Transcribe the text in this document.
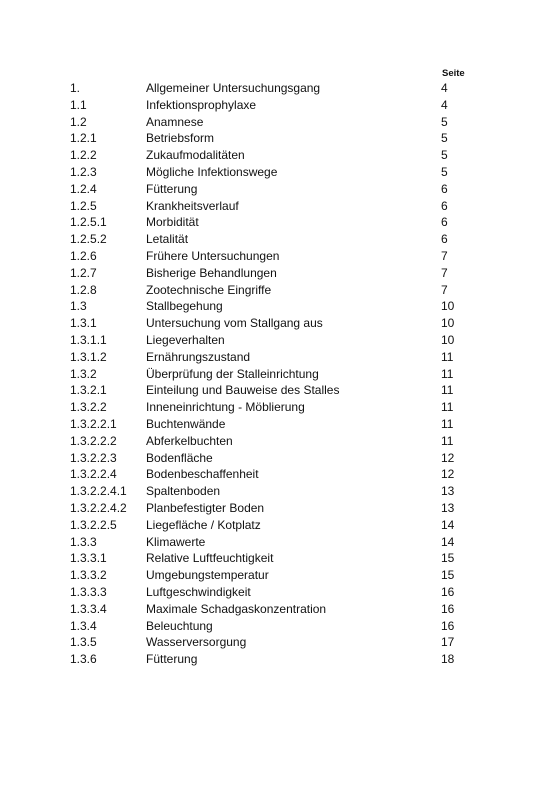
Seite
1.	Allgemeiner Untersuchungsgang	4
1.1	Infektionsprophylaxe	4
1.2	Anamnese	5
1.2.1	Betriebsform	5
1.2.2	Zukaufmodalitäten	5
1.2.3	Mögliche Infektionswege	5
1.2.4	Fütterung	6
1.2.5	Krankheitsverlauf	6
1.2.5.1	Morbidität	6
1.2.5.2	Letalität	6
1.2.6	Frühere Untersuchungen	7
1.2.7	Bisherige Behandlungen	7
1.2.8	Zootechnische Eingriffe	7
1.3	Stallbegehung	10
1.3.1	Untersuchung vom Stallgang aus	10
1.3.1.1	Liegeverhalten	10
1.3.1.2	Ernährungszustand	11
1.3.2	Überprüfung der Stalleinrichtung	11
1.3.2.1	Einteilung und Bauweise des Stalles	11
1.3.2.2	Inneneinrichtung - Möblierung	11
1.3.2.2.1 Buchtenwände	11
1.3.2.2.2 Abferkelbuchten	11
1.3.2.2.3 Bodenfläche	12
1.3.2.2.4 Bodenbeschaffenheit	12
1.3.2.2.4.1 Spaltenboden	13
1.3.2.2.4.2 Planbefestigter Boden	13
1.3.2.2.5 Liegefläche / Kotplatz	14
1.3.3	Klimawerte	14
1.3.3.1	Relative Luftfeuchtigkeit	15
1.3.3.2	Umgebungstemperatur	15
1.3.3.3	Luftgeschwindigkeit	16
1.3.3.4	Maximale Schadgaskonzentration	16
1.3.4	Beleuchtung	16
1.3.5	Wasserversorgung	17
1.3.6	Fütterung	18
